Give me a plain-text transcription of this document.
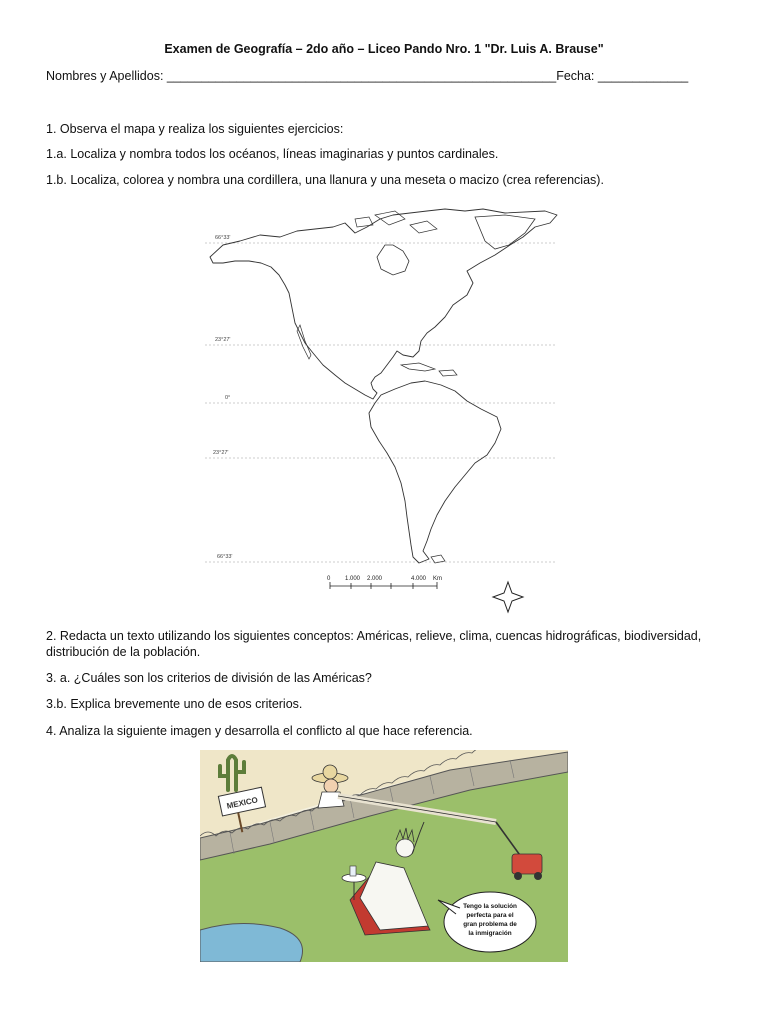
Examen de Geografía – 2do año – Liceo Pando Nro. 1 "Dr. Luis A. Brause"
Nombres y Apellidos: ________________________________________________________Fecha: _____________
1. Observa el mapa y realiza los siguientes ejercicios:
1.a. Localiza y nombra todos los océanos, líneas imaginarias y puntos cardinales.
1.b. Localiza, colorea y nombra una cordillera, una llanura y una meseta o macizo (crea referencias).
66°33'
23°27'
0°
23°27'
66°33'
0 1.000 2.000	4.000 Km
2. Redacta un texto utilizando los siguientes conceptos: Américas, relieve, clima, cuencas hidrográficas, biodiversidad, distribución de la población.
3. a. ¿Cuáles son los criterios de división de las Américas?
3.b. Explica brevemente uno de esos criterios.
4. Analiza la siguiente imagen y desarrolla el conflicto al que hace referencia.
MEXICO
Tengo la solución
perfecta para el
gran problema de
la inmigración
